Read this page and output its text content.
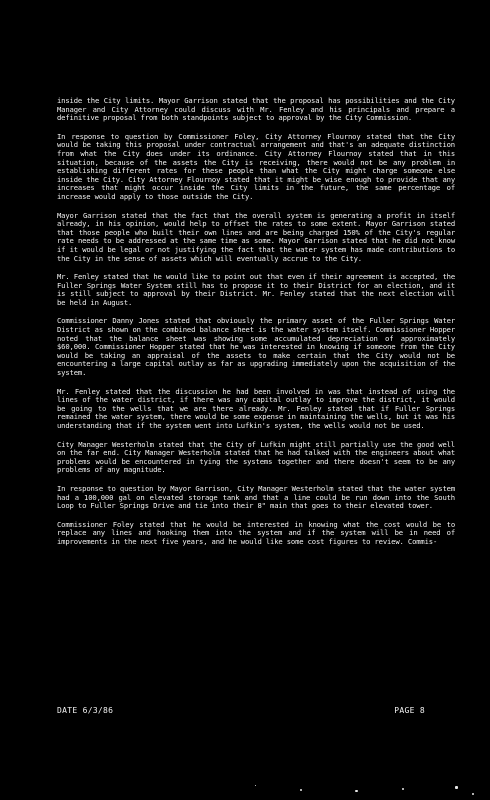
inside the City limits. Mayor Garrison stated that the proposal has possibilities and the City Manager and City Attorney could discuss with Mr. Fenley and his principals and prepare a definitive proposal from both standpoints subject to approval by the City Commission.

In response to question by Commissioner Foley, City Attorney Flournoy stated that the City would be taking this proposal under contractual arrangement and that's an adequate distinction from what the City does under its ordinance. City Attorney Flournoy stated that in this situation, because of the assets the City is receiving, there would not be any problem in establishing different rates for these people than what the City might charge someone else inside the City. City Attorney Flournoy stated that it might be wise enough to provide that any increases that might occur inside the City limits in the future, the same percentage of increase would apply to those outside the City.

Mayor Garrison stated that the fact that the overall system is generating a profit in itself already, in his opinion, would help to offset the rates to some extent. Mayor Garrison stated that those people who built their own lines and are being charged 150% of the City's regular rate needs to be addressed at the same time as some. Mayor Garrison stated that he did not know if it would be legal or not justifying the fact that the water system has made contributions to the City in the sense of assets which will eventually accrue to the City.

Mr. Fenley stated that he would like to point out that even if their agreement is accepted, the Fuller Springs Water System still has to propose it to their District for an election, and it is still subject to approval by their District. Mr. Fenley stated that the next election will be held in August.

Commissioner Danny Jones stated that obviously the primary asset of the Fuller Springs Water District as shown on the combined balance sheet is the water system itself. Commissioner Hopper noted that the balance sheet was showing some accumulated depreciation of approximately $60,000. Commissioner Hopper stated that he was interested in knowing if someone from the City would be taking an appraisal of the assets to make certain that the City would not be encountering a large capital outlay as far as upgrading immediately upon the acquisition of the system.

Mr. Fenley stated that the discussion he had been involved in was that instead of using the lines of the water district, if there was any capital outlay to improve the district, it would be going to the wells that we are there already. Mr. Fenley stated that if Fuller Springs remained the water system, there would be some expense in maintaining the wells, but it was his understanding that if the system went into Lufkin's system, the wells would not be used.

City Manager Westerholm stated that the City of Lufkin might still partially use the good well on the far end. City Manager Westerholm stated that he had talked with the engineers about what problems would be encountered in tying the systems together and there doesn't seem to be any problems of any magnitude.

In response to question by Mayor Garrison, City Manager Westerholm stated that the water system had a 100,000 gal on elevated storage tank and that a line could be run down into the South Loop to Fuller Springs Drive and tie into their 8" main that goes to their elevated tower.

Commissioner Foley stated that he would be interested in knowing what the cost would be to replace any lines and hooking them into the system and if the system will be in need of improvements in the next five years, and he would like some cost figures to review. Commis-

DATE 6/3/86	PAGE 8
